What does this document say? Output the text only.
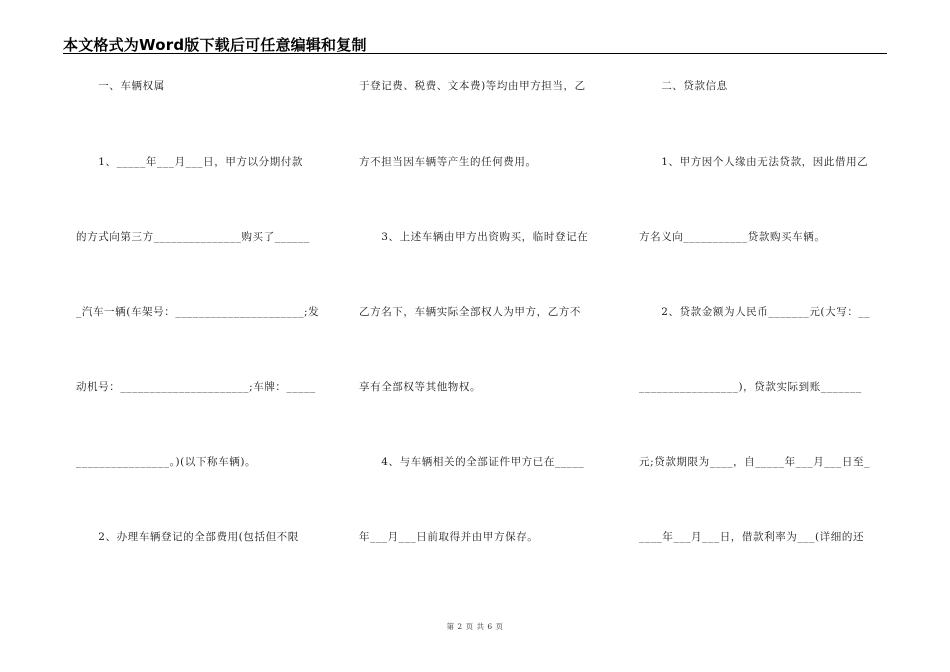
本文格式为Word版下载后可任意编辑和复制
　　一、车辆权属
　　1、_____年___月___日，甲方以分期付款
的方式向第三方_______________购买了______
_汽车一辆(车架号：______________________;发
动机号：______________________;车牌：_____
________________。)(以下称车辆)。
　　2、办理车辆登记的全部费用(包括但不限
于登记费、税费、文本费)等均由甲方担当，乙
方不担当因车辆等产生的任何费用。
　　3、上述车辆由甲方出资购买，临时登记在
乙方名下，车辆实际全部权人为甲方，乙方不
享有全部权等其他物权。
　　4、与车辆相关的全部证件甲方已在_____
年___月___日前取得并由甲方保存。
　　二、贷款信息
　　1、甲方因个人缘由无法贷款，因此借用乙
方名义向___________贷款购买车辆。
　　2、贷款金额为人民币_______元(大写：__
_________________)，贷款实际到账_______
元;贷款期限为____，自_____年___月___日至_
____年___月___日，借款利率为___(详细的还
第 2 页 共 6 页
